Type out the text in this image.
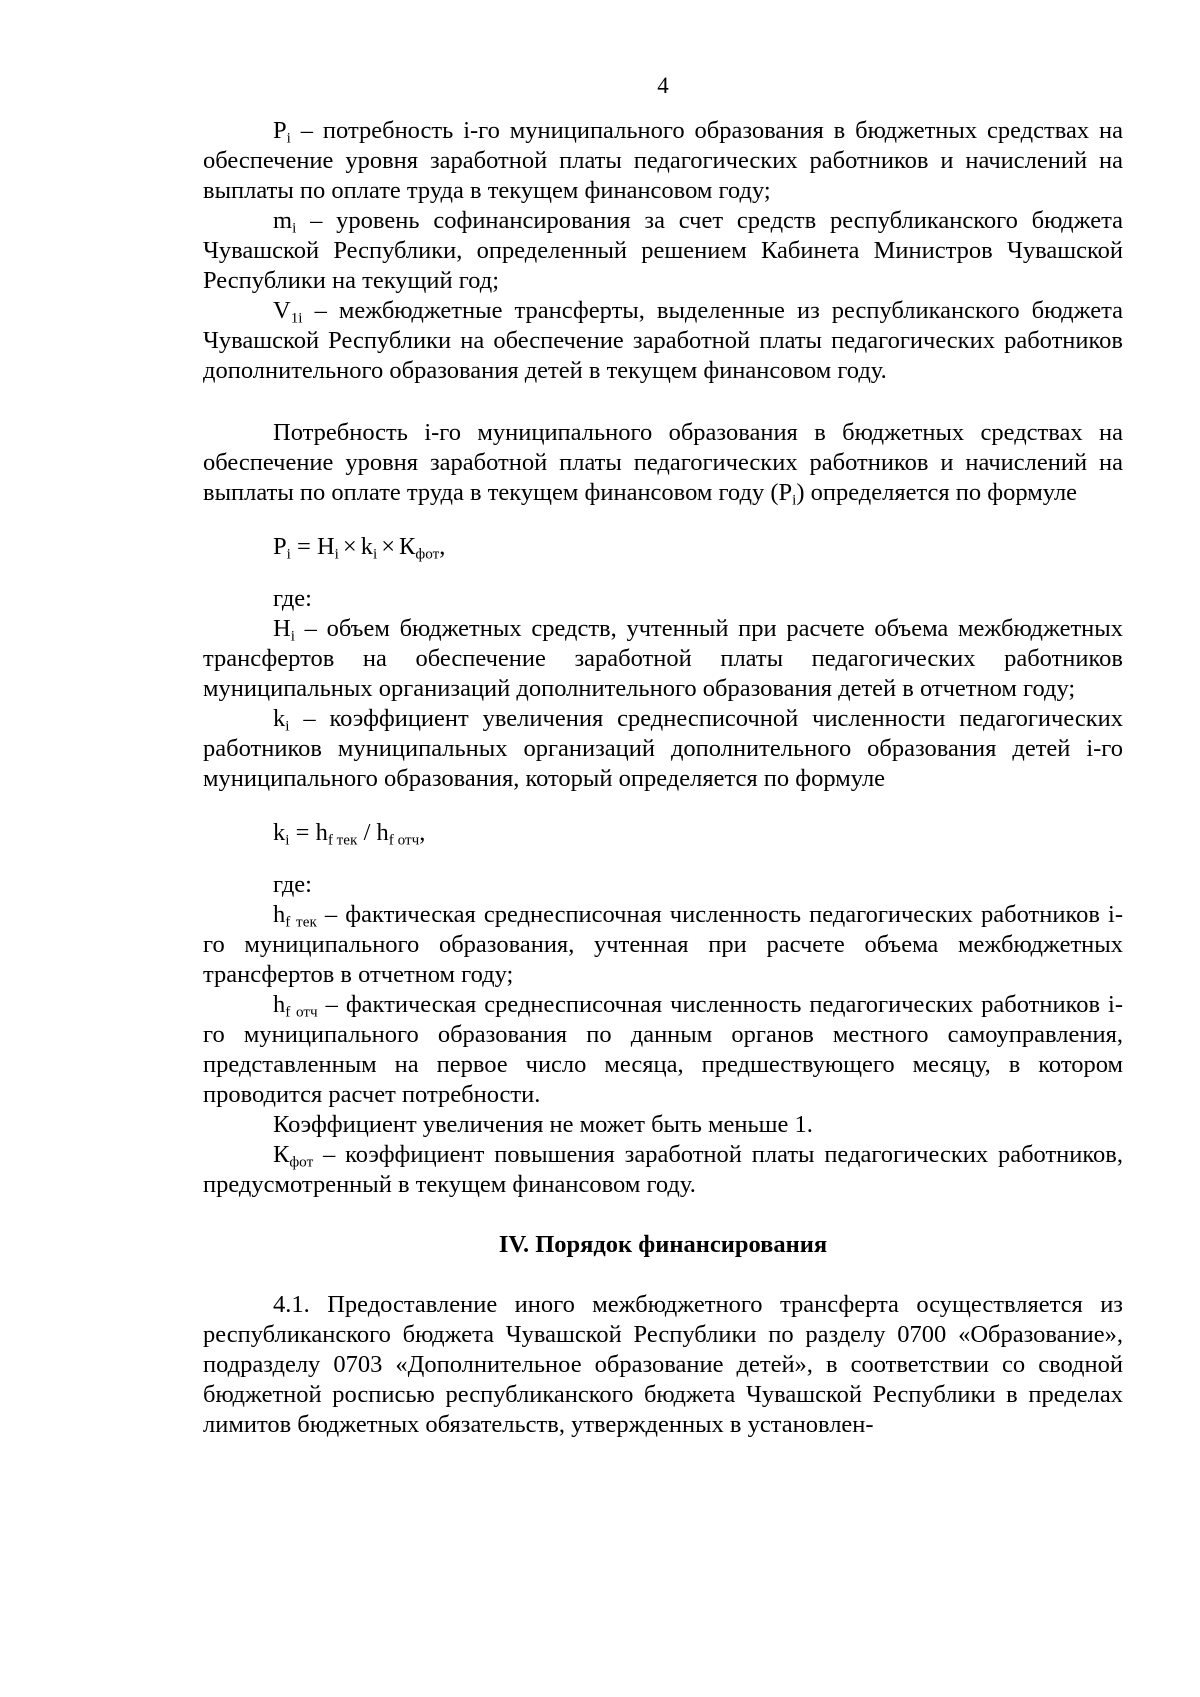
4

$P_i$ – потребность i-го муниципального образования в бюджетных средствах на обеспечение уровня заработной платы педагогических работников и начислений на выплаты по оплате труда в текущем финансовом году;

$m_i$ – уровень софинансирования за счет средств республиканского бюджета Чувашской Республики, определенный решением Кабинета Министров Чувашской Республики на текущий год;

$V_{1i}$ – межбюджетные трансферты, выделенные из республиканского бюджета Чувашской Республики на обеспечение заработной платы педагогических работников дополнительного образования детей в текущем финансовом году.

Потребность i-го муниципального образования в бюджетных средствах на обеспечение уровня заработной платы педагогических работников и начислений на выплаты по оплате труда в текущем финансовом году $(P_i)$ определяется по формуле

$P_i = H_i \times k_i \times К_{фот}$,

где:

$H_i$ – объем бюджетных средств, учтенный при расчете объема межбюджетных трансфертов на обеспечение заработной платы педагогических работников муниципальных организаций дополнительного образования детей в отчетном году;

$k_i$ – коэффициент увеличения среднесписочной численности педагогических работников муниципальных организаций дополнительного образования детей i-го муниципального образования, который определяется по формуле

$k_i = h_{f тек} / h_{f отч}$,

где:

$h_{f тек}$ – фактическая среднесписочная численность педагогических работников i-го муниципального образования, учтенная при расчете объема межбюджетных трансфертов в отчетном году;

$h_{f отч}$ – фактическая среднесписочная численность педагогических работников i-го муниципального образования по данным органов местного самоуправления, представленным на первое число месяца, предшествующего месяцу, в котором проводится расчет потребности.

Коэффициент увеличения не может быть меньше 1.

$К_{фот}$ – коэффициент повышения заработной платы педагогических работников, предусмотренный в текущем финансовом году.

IV. Порядок финансирования

4.1. Предоставление иного межбюджетного трансферта осуществляется из республиканского бюджета Чувашской Республики по разделу 0700 «Образование», подразделу 0703 «Дополнительное образование детей», в соответствии со сводной бюджетной росписью республиканского бюджета Чувашской Республики в пределах лимитов бюджетных обязательств, утвержденных в установлен-
